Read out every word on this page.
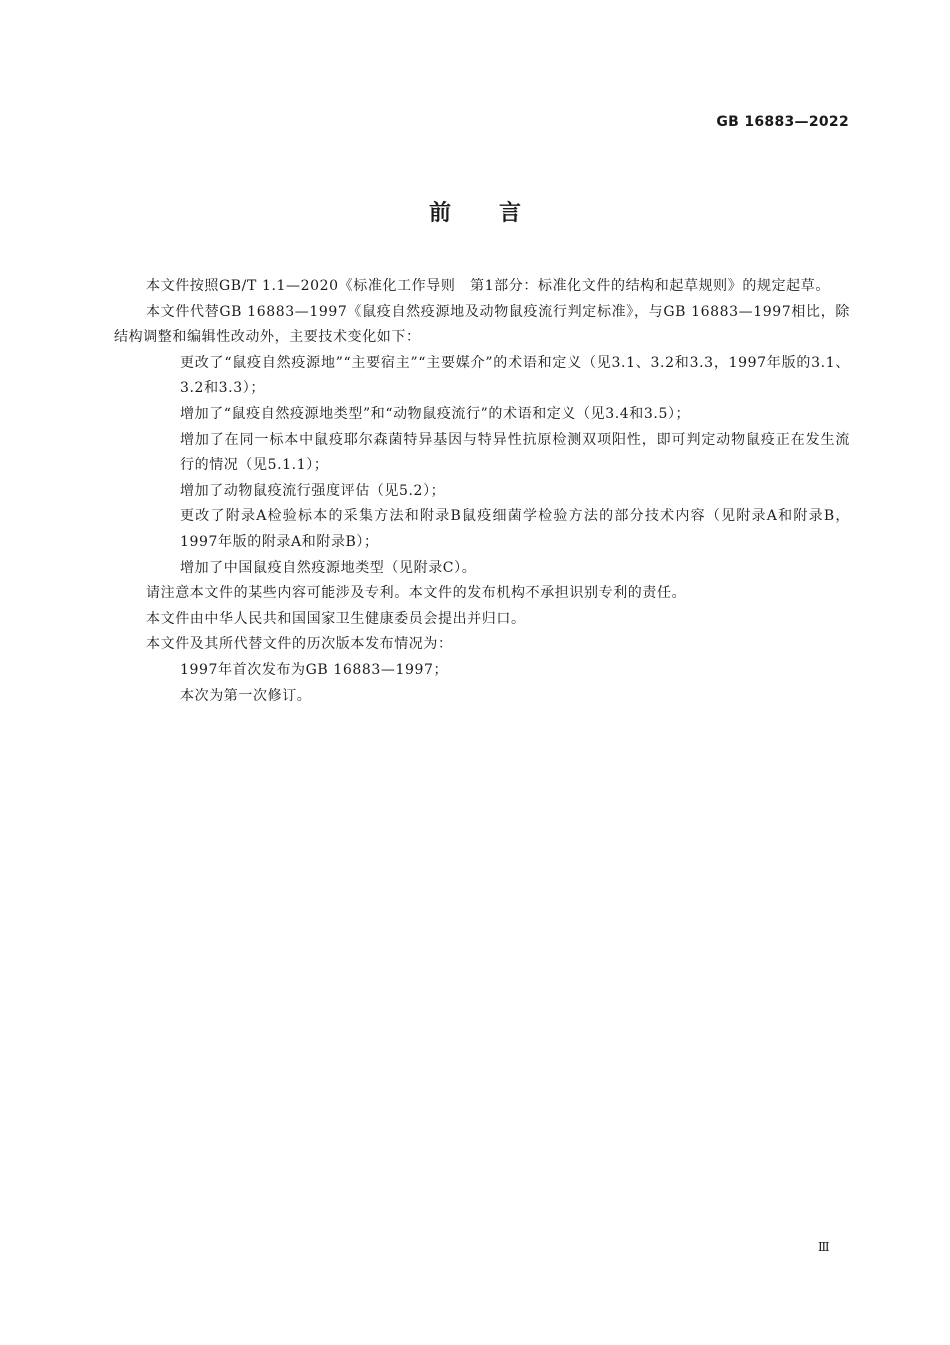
GB 16883—2022
前言

本文件按照GB/T 1.1—2020《标准化工作导则　第1部分：标准化文件的结构和起草规则》的规定起草。

本文件代替GB 16883—1997《鼠疫自然疫源地及动物鼠疫流行判定标准》，与GB 16883—1997相比，除结构调整和编辑性改动外，主要技术变化如下：

更改了“鼠疫自然疫源地”“主要宿主”“主要媒介”的术语和定义（见3.1、3.2和3.3，1997年版的3.1、3.2和3.3）；

增加了“鼠疫自然疫源地类型”和“动物鼠疫流行”的术语和定义（见3.4和3.5）；

增加了在同一标本中鼠疫耶尔森菌特异基因与特异性抗原检测双项阳性，即可判定动物鼠疫正在发生流行的情况（见5.1.1）；

增加了动物鼠疫流行强度评估（见5.2）；

更改了附录A检验标本的采集方法和附录B鼠疫细菌学检验方法的部分技术内容（见附录A和附录B，1997年版的附录A和附录B）；

增加了中国鼠疫自然疫源地类型（见附录C）。

请注意本文件的某些内容可能涉及专利。本文件的发布机构不承担识别专利的责任。

本文件由中华人民共和国国家卫生健康委员会提出并归口。

本文件及其所代替文件的历次版本发布情况为：

1997年首次发布为GB 16883—1997；

本次为第一次修订。

Ⅲ
